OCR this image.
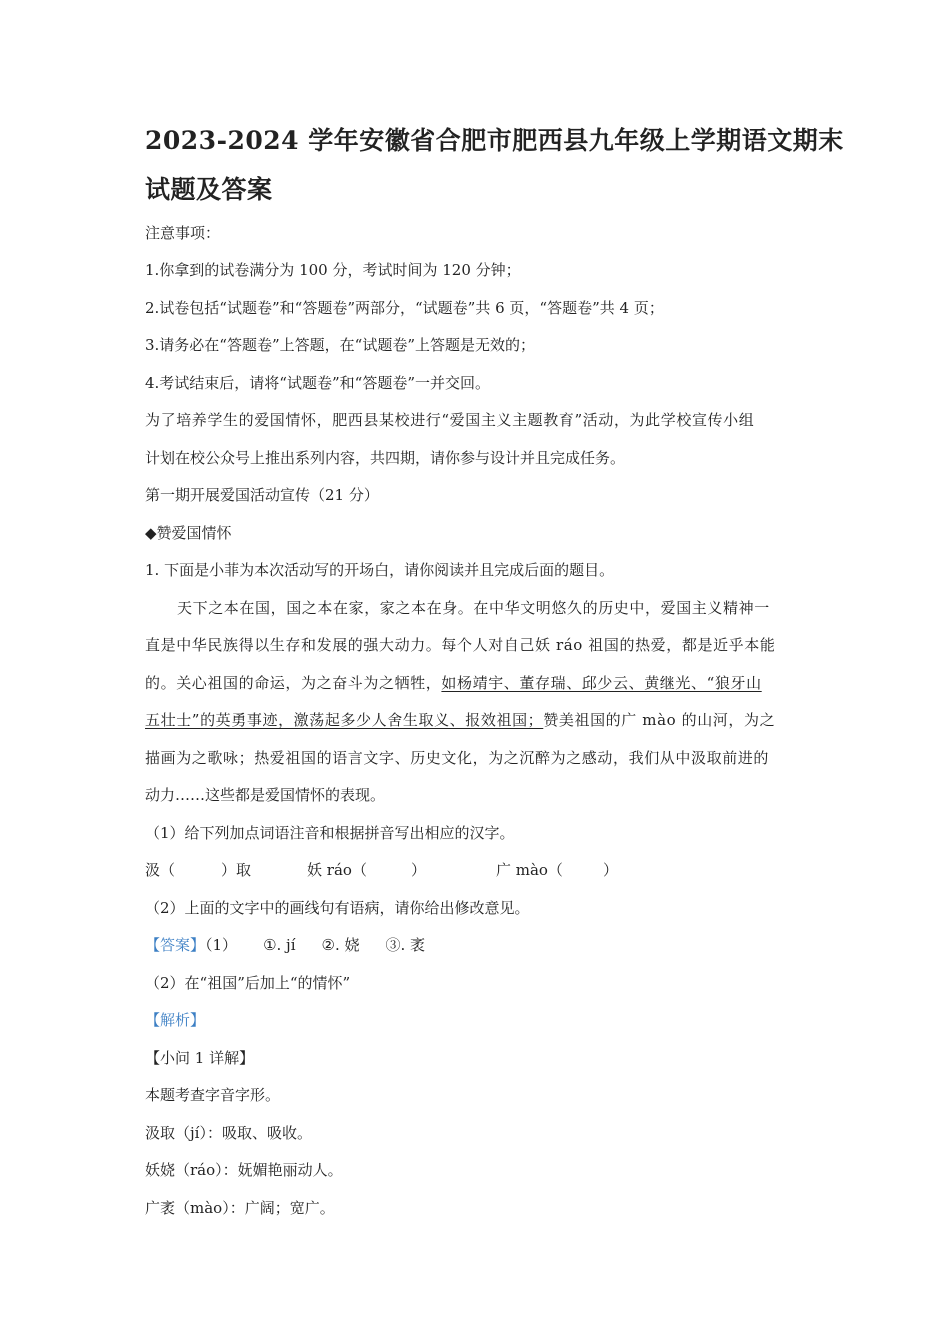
2023-2024 学年安徽省合肥市肥西县九年级上学期语文期末
试题及答案
注意事项：
1.你拿到的试卷满分为 100 分，考试时间为 120 分钟；
2.试卷包括“试题卷”和“答题卷”两部分，“试题卷”共 6 页，“答题卷”共 4 页；
3.请务必在“答题卷”上答题，在“试题卷”上答题是无效的；
4.考试结束后，请将“试题卷”和“答题卷”一并交回。
为了培养学生的爱国情怀，肥西县某校进行“爱国主义主题教育”活动，为此学校宣传小组
计划在校公众号上推出系列内容，共四期，请你参与设计并且完成任务。
第一期开展爱国活动宣传（21 分）
◆赞爱国情怀
1. 下面是小菲为本次活动写的开场白，请你阅读并且完成后面的题目。
天下之本在国，国之本在家，家之本在身。在中华文明悠久的历史中，爱国主义精神一
直是中华民族得以生存和发展的强大动力。每个人对自己妖 ráo 祖国的热爱，都是近乎本能
的。关心祖国的命运，为之奋斗为之牺牲，如杨靖宇、董存瑞、邱少云、黄继光、“狼牙山
五壮士”的英勇事迹，激荡起多少人舍生取义、报效祖国；赞美祖国的广 mào 的山河，为之
描画为之歌咏；热爱祖国的语言文字、历史文化，为之沉醉为之感动，我们从中汲取前进的
动力……这些都是爱国情怀的表现。
（1）给下列加点词语注音和根据拼音写出相应的汉字。
汲（	）取	妖 ráo（	）	广 mào（	）
（2）上面的文字中的画线句有语病，请你给出修改意见。
【答案】（1） ①. jí ②. 娆 ③. 袤
（2）在“祖国”后加上“的情怀”
【解析】
【小问 1 详解】
本题考查字音字形。
汲取（jí）：吸取、吸收。
妖娆（ráo）：妩媚艳丽动人。
广袤（mào）：广阔；宽广。
